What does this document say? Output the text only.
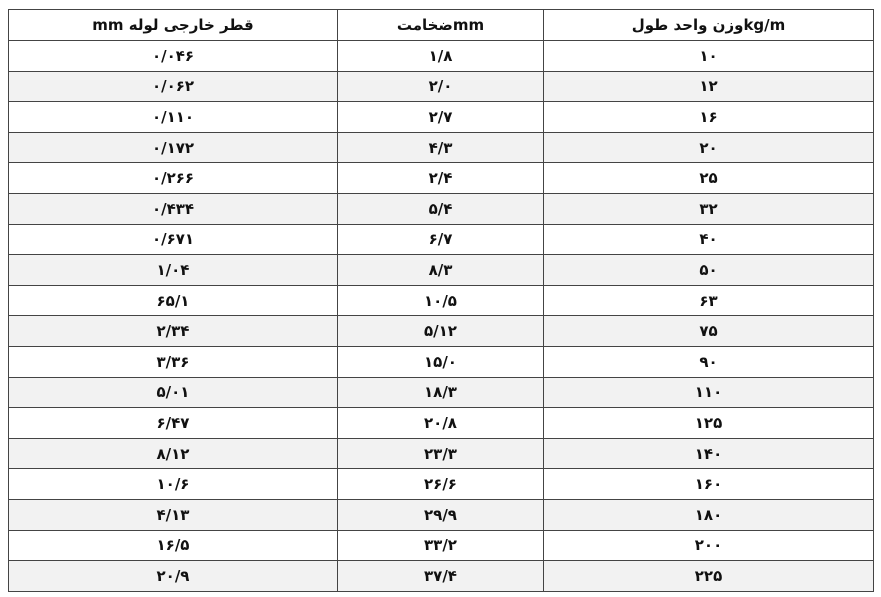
mm قطر خارجی لوله	ضخامتmm	وزن واحد طولkg/m
۰/۰۴۶	۱/۸	۱۰
۰/۰۶۲	۲/۰	۱۲
۰/۱۱۰	۲/۷	۱۶
۰/۱۷۲	۴/۳	۲۰
۰/۲۶۶	۲/۴	۲۵
۰/۴۳۴	۵/۴	۳۲
۰/۶۷۱	۶/۷	۴۰
۱/۰۴	۸/۳	۵۰
۶۵/۱	۱۰/۵	۶۳
۲/۳۴	۵/۱۲	۷۵
۳/۳۶	۱۵/۰	۹۰
۵/۰۱	۱۸/۳	۱۱۰
۶/۴۷	۲۰/۸	۱۲۵
۸/۱۲	۲۳/۳	۱۴۰
۱۰/۶	۲۶/۶	۱۶۰
۴/۱۳	۲۹/۹	۱۸۰
۱۶/۵	۳۳/۲	۲۰۰
۲۰/۹	۳۷/۴	۲۲۵
